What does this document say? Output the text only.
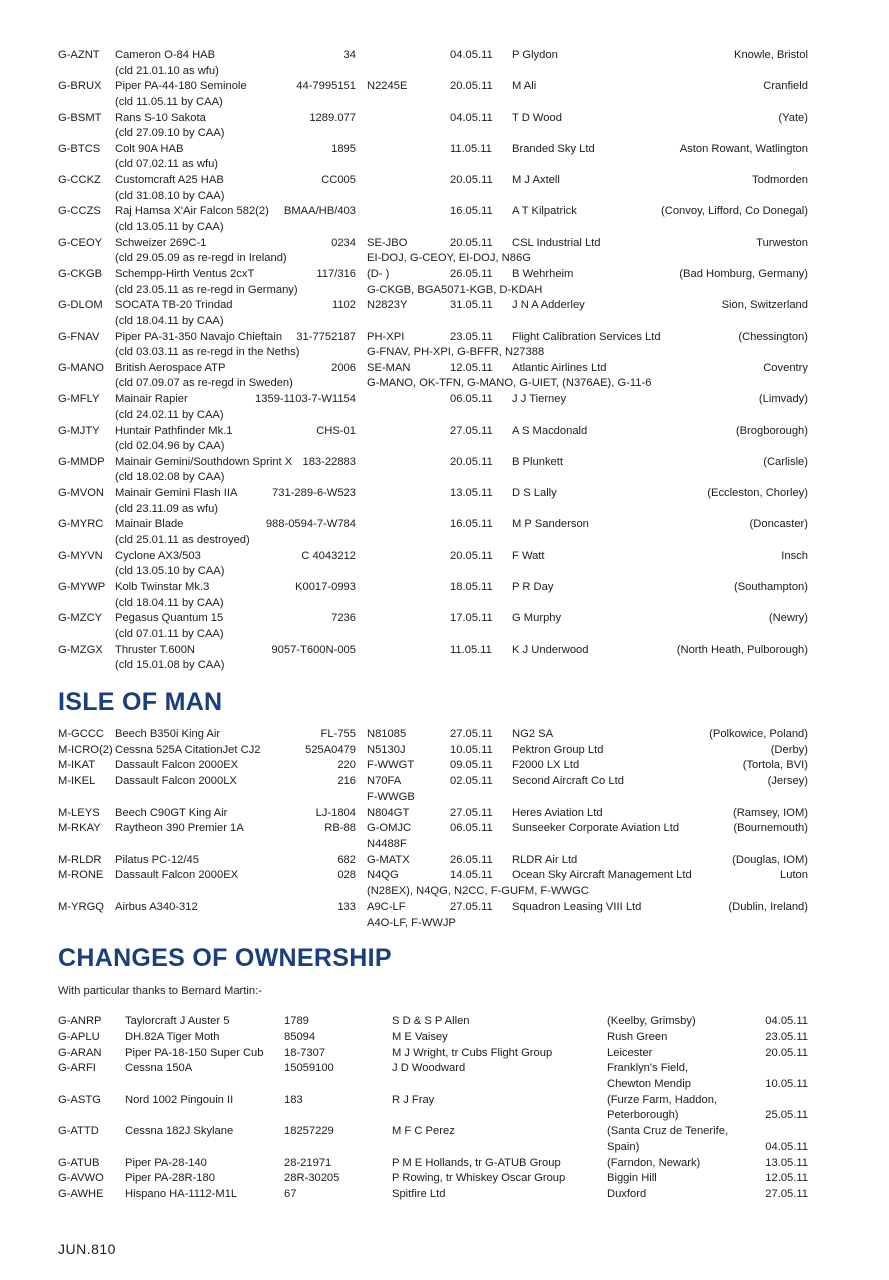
G-AZNT Cameron O-84 HAB	34	04.05.11 P Glydon	Knowle, Bristol
(cld 21.01.10 as wfu)
G-BRUX Piper PA-44-180 Seminole	44-7995151 N2245E	20.05.11 M Ali	Cranfield
(cld 11.05.11 by CAA)
G-BSMT Rans S-10 Sakota	1289.077	04.05.11 T D Wood	(Yate)
(cld 27.09.10 by CAA)
G-BTCS Colt 90A HAB	1895	11.05.11 Branded Sky Ltd	Aston Rowant, Watlington
(cld 07.02.11 as wfu)
G-CCKZ Customcraft A25 HAB	CC005	20.05.11 M J Axtell	Todmorden
(cld 31.08.10 by CAA)
G-CCZS Raj Hamsa X'Air Falcon 582(2) BMAA/HB/403	16.05.11 A T Kilpatrick	(Convoy, Lifford, Co Donegal)
(cld 13.05.11 by CAA)
G-CEOY Schweizer 269C-1	0234 SE-JBO	20.05.11 CSL Industrial Ltd	Turweston
(cld 29.05.09 as re-regd in Ireland)	EI-DOJ, G-CEOY, EI-DOJ, N86G
G-CKGB Schempp-Hirth Ventus 2cxT	117/316 (D- )	26.05.11 B Wehrheim	(Bad Homburg, Germany)
(cld 23.05.11 as re-regd in Germany)	G-CKGB, BGA5071-KGB, D-KDAH
G-DLOM SOCATA TB-20 Trindad	1102 N2823Y	31.05.11 J N A Adderley	Sion, Switzerland
(cld 18.04.11 by CAA)
G-FNAV Piper PA-31-350 Navajo Chieftain 31-7752187 PH-XPI	23.05.11 Flight Calibration Services Ltd	(Chessington)
(cld 03.03.11 as re-regd in the Neths)	G-FNAV, PH-XPI, G-BFFR, N27388
G-MANO British Aerospace ATP	2006 SE-MAN	12.05.11 Atlantic Airlines Ltd	Coventry
(cld 07.09.07 as re-regd in Sweden)	G-MANO, OK-TFN, G-MANO, G-UIET, (N376AE), G-11-6
G-MFLY Mainair Rapier	1359-1103-7-W1154	06.05.11 J J Tierney	(Limvady)
(cld 24.02.11 by CAA)
G-MJTY Huntair Pathfinder Mk.1	CHS-01	27.05.11 A S Macdonald	(Brogborough)
(cld 02.04.96 by CAA)
G-MMDP Mainair Gemini/Southdown Sprint X 183-22883	20.05.11 B Plunkett	(Carlisle)
(cld 18.02.08 by CAA)
G-MVON Mainair Gemini Flash IIA	731-289-6-W523	13.05.11 D S Lally	(Eccleston, Chorley)
(cld 23.11.09 as wfu)
G-MYRC Mainair Blade	988-0594-7-W784	16.05.11 M P Sanderson	(Doncaster)
(cld 25.01.11 as destroyed)
G-MYVN Cyclone AX3/503	C 4043212	20.05.11 F Watt	Insch
(cld 13.05.10 by CAA)
G-MYWP Kolb Twinstar Mk.3	K0017-0993	18.05.11 P R Day	(Southampton)
(cld 18.04.11 by CAA)
G-MZCY Pegasus Quantum 15	7236	17.05.11 G Murphy	(Newry)
(cld 07.01.11 by CAA)
G-MZGX Thruster T.600N	9057-T600N-005	11.05.11 K J Underwood	(North Heath, Pulborough)
(cld 15.01.08 by CAA)
ISLE OF MAN
M-GCCC Beech B350i King Air	FL-755 N81085	27.05.11 NG2 SA	(Polkowice, Poland)
M-ICRO(2) Cessna 525A CitationJet CJ2	525A0479 N5130J	10.05.11 Pektron Group Ltd	(Derby)
M-IKAT Dassault Falcon 2000EX	220 F-WWGT	09.05.11 F2000 LX Ltd	(Tortola, BVI)
M-IKEL Dassault Falcon 2000LX	216 N70FA	02.05.11 Second Aircraft Co Ltd	(Jersey)
F-WWGB
M-LEYS Beech C90GT King Air	LJ-1804 N804GT	27.05.11 Heres Aviation Ltd	(Ramsey, IOM)
M-RKAY Raytheon 390 Premier 1A	RB-88 G-OMJC	06.05.11 Sunseeker Corporate Aviation Ltd	(Bournemouth)
N4488F
M-RLDR Pilatus PC-12/45	682 G-MATX	26.05.11 RLDR Air Ltd	(Douglas, IOM)
M-RONE Dassault Falcon 2000EX	028 N4QG	14.05.11 Ocean Sky Aircraft Management Ltd	Luton
(N28EX), N4QG, N2CC, F-GUFM, F-WWGC
M-YRGQ Airbus A340-312	133 A9C-LF	27.05.11 Squadron Leasing VIII Ltd	(Dublin, Ireland)
A4O-LF, F-WWJP
CHANGES OF OWNERSHIP
With particular thanks to Bernard Martin:-
G-ANRP Taylorcraft J Auster 5	1789	S D & S P Allen	(Keelby, Grimsby)	04.05.11
G-APLU DH.82A Tiger Moth	85094	M E Vaisey	Rush Green	23.05.11
G-ARAN Piper PA-18-150 Super Cub 18-7307	M J Wright, tr Cubs Flight Group	Leicester	20.05.11
G-ARFI	Cessna 150A	15059100	J D Woodward	Franklyn's Field,
Chewton Mendip	10.05.11
G-ASTG Nord 1002 Pingouin II	183	R J Fray	(Furze Farm, Haddon,
Peterborough)	25.05.11
G-ATTD Cessna 182J Skylane	18257229	M F C Perez	(Santa Cruz de Tenerife,
Spain)	04.05.11
G-ATUB Piper PA-28-140	28-21971	P M E Hollands, tr G-ATUB Group	(Farndon, Newark)	13.05.11
G-AVWO Piper PA-28R-180	28R-30205	P Rowing, tr Whiskey Oscar Group	Biggin Hill	12.05.11
G-AWHE Hispano HA-1112-M1L	67	Spitfire Ltd	Duxford	27.05.11
JUN.810
